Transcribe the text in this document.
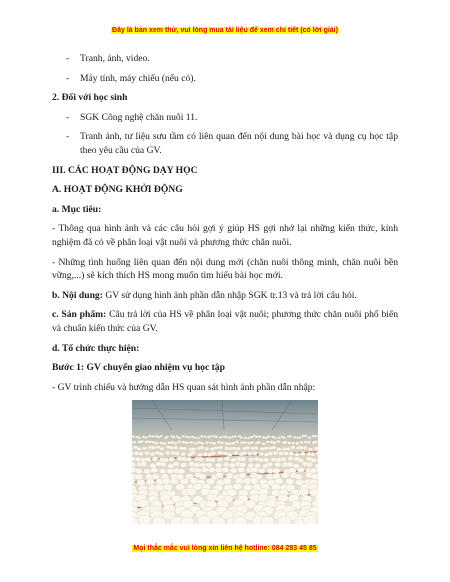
Đây là bản xem thử, vui lòng mua tài liệu để xem chi tiết (có lời giải)
-	Tranh, ảnh, video.
-	Máy tính, máy chiếu (nếu có).
2. Đối với học sinh
-	SGK Công nghệ chăn nuôi 11.
-	Tranh ảnh, tư liệu sưu tầm có liên quan đến nội dung bài học và dụng cụ học tập theo yêu cầu của GV.
III. CÁC HOẠT ĐỘNG DẠY HỌC
A. HOẠT ĐỘNG KHỞI ĐỘNG
a. Mục tiêu:
- Thông qua hình ảnh và các câu hỏi gợi ý giúp HS gợi nhớ lại những kiến thức, kinh nghiệm đã có về phân loại vật nuôi và phương thức chăn nuôi.
- Những tình huống liên quan đến nội dung mới (chăn nuôi thông minh, chăn nuôi bền vững,...) sẽ kích thích HS mong muốn tìm hiểu bài học mới.
b. Nội dung: GV sử dụng hình ảnh phần dẫn nhập SGK tr.13 và trả lời câu hỏi.
c. Sản phẩm: Câu trả lời của HS về phân loại vật nuôi; phương thức chăn nuôi phổ biến và chuẩn kiến thức của GV.
d. Tổ chức thực hiện:
Bước 1: GV chuyển giao nhiệm vụ học tập
- GV trình chiếu và hướng dẫn HS quan sát hình ảnh phần dẫn nhập:
Mọi thắc mắc vui lòng xin liên hệ hotline: 084 283 45 85
